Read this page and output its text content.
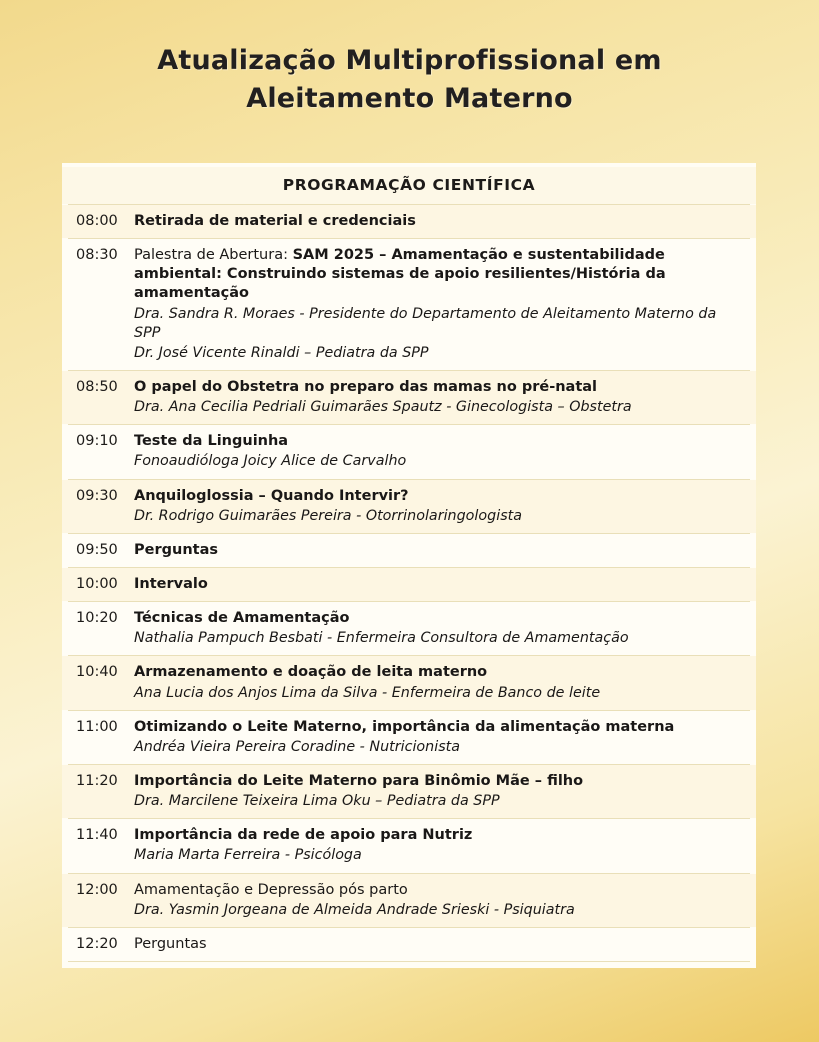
Atualização Multiprofissional em Aleitamento Materno
PROGRAMAÇÃO CIENTÍFICA
08:00	Retirada de material e credenciais
08:30	Palestra de Abertura: SAM 2025 – Amamentação e sustentabilidade ambiental: Construindo sistemas de apoio resilientes/História da amamentação
Dra. Sandra R. Moraes - Presidente do Departamento de Aleitamento Materno da SPP
Dr. José Vicente Rinaldi – Pediatra da SPP
08:50	O papel do Obstetra no preparo das mamas no pré-natal
Dra. Ana Cecilia Pedriali Guimarães Spautz - Ginecologista – Obstetra
09:10	Teste da Linguinha
Fonoaudióloga Joicy Alice de Carvalho
09:30	Anquiloglossia – Quando Intervir?
Dr. Rodrigo Guimarães Pereira - Otorrinolaringologista
09:50	Perguntas
10:00	Intervalo
10:20	Técnicas de Amamentação
Nathalia Pampuch Besbati - Enfermeira Consultora de Amamentação
10:40	Armazenamento e doação de leita materno
Ana Lucia dos Anjos Lima da Silva - Enfermeira de Banco de leite
11:00	Otimizando o Leite Materno, importância da alimentação materna
Andréa Vieira Pereira Coradine - Nutricionista
11:20	Importância do Leite Materno para Binômio Mãe – filho
Dra. Marcilene Teixeira Lima Oku – Pediatra da SPP
11:40	Importância da rede de apoio para Nutriz
Maria Marta Ferreira - Psicóloga
12:00	Amamentação e Depressão pós parto
Dra. Yasmin Jorgeana de Almeida Andrade Srieski - Psiquiatra
12:20	Perguntas
